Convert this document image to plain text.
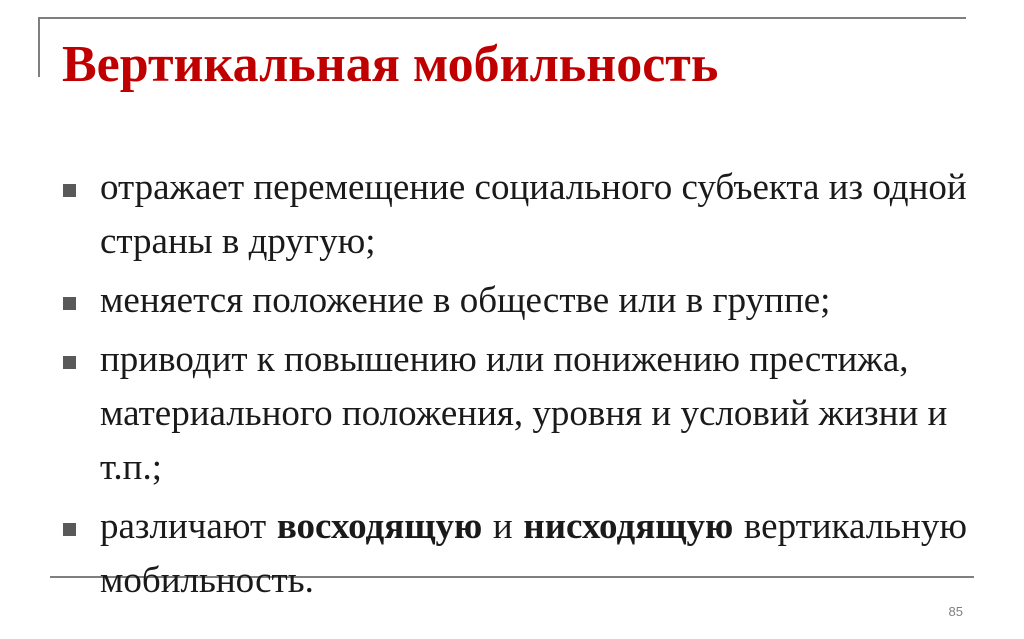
Вертикальная мобильность
отражает перемещение социального субъекта из одной страны в другую;
меняется положение в обществе или в группе;
приводит к повышению или понижению престижа, материального положения, уровня и условий жизни и т.п.;
различают восходящую и нисходящую вертикальную мобильность.
85
